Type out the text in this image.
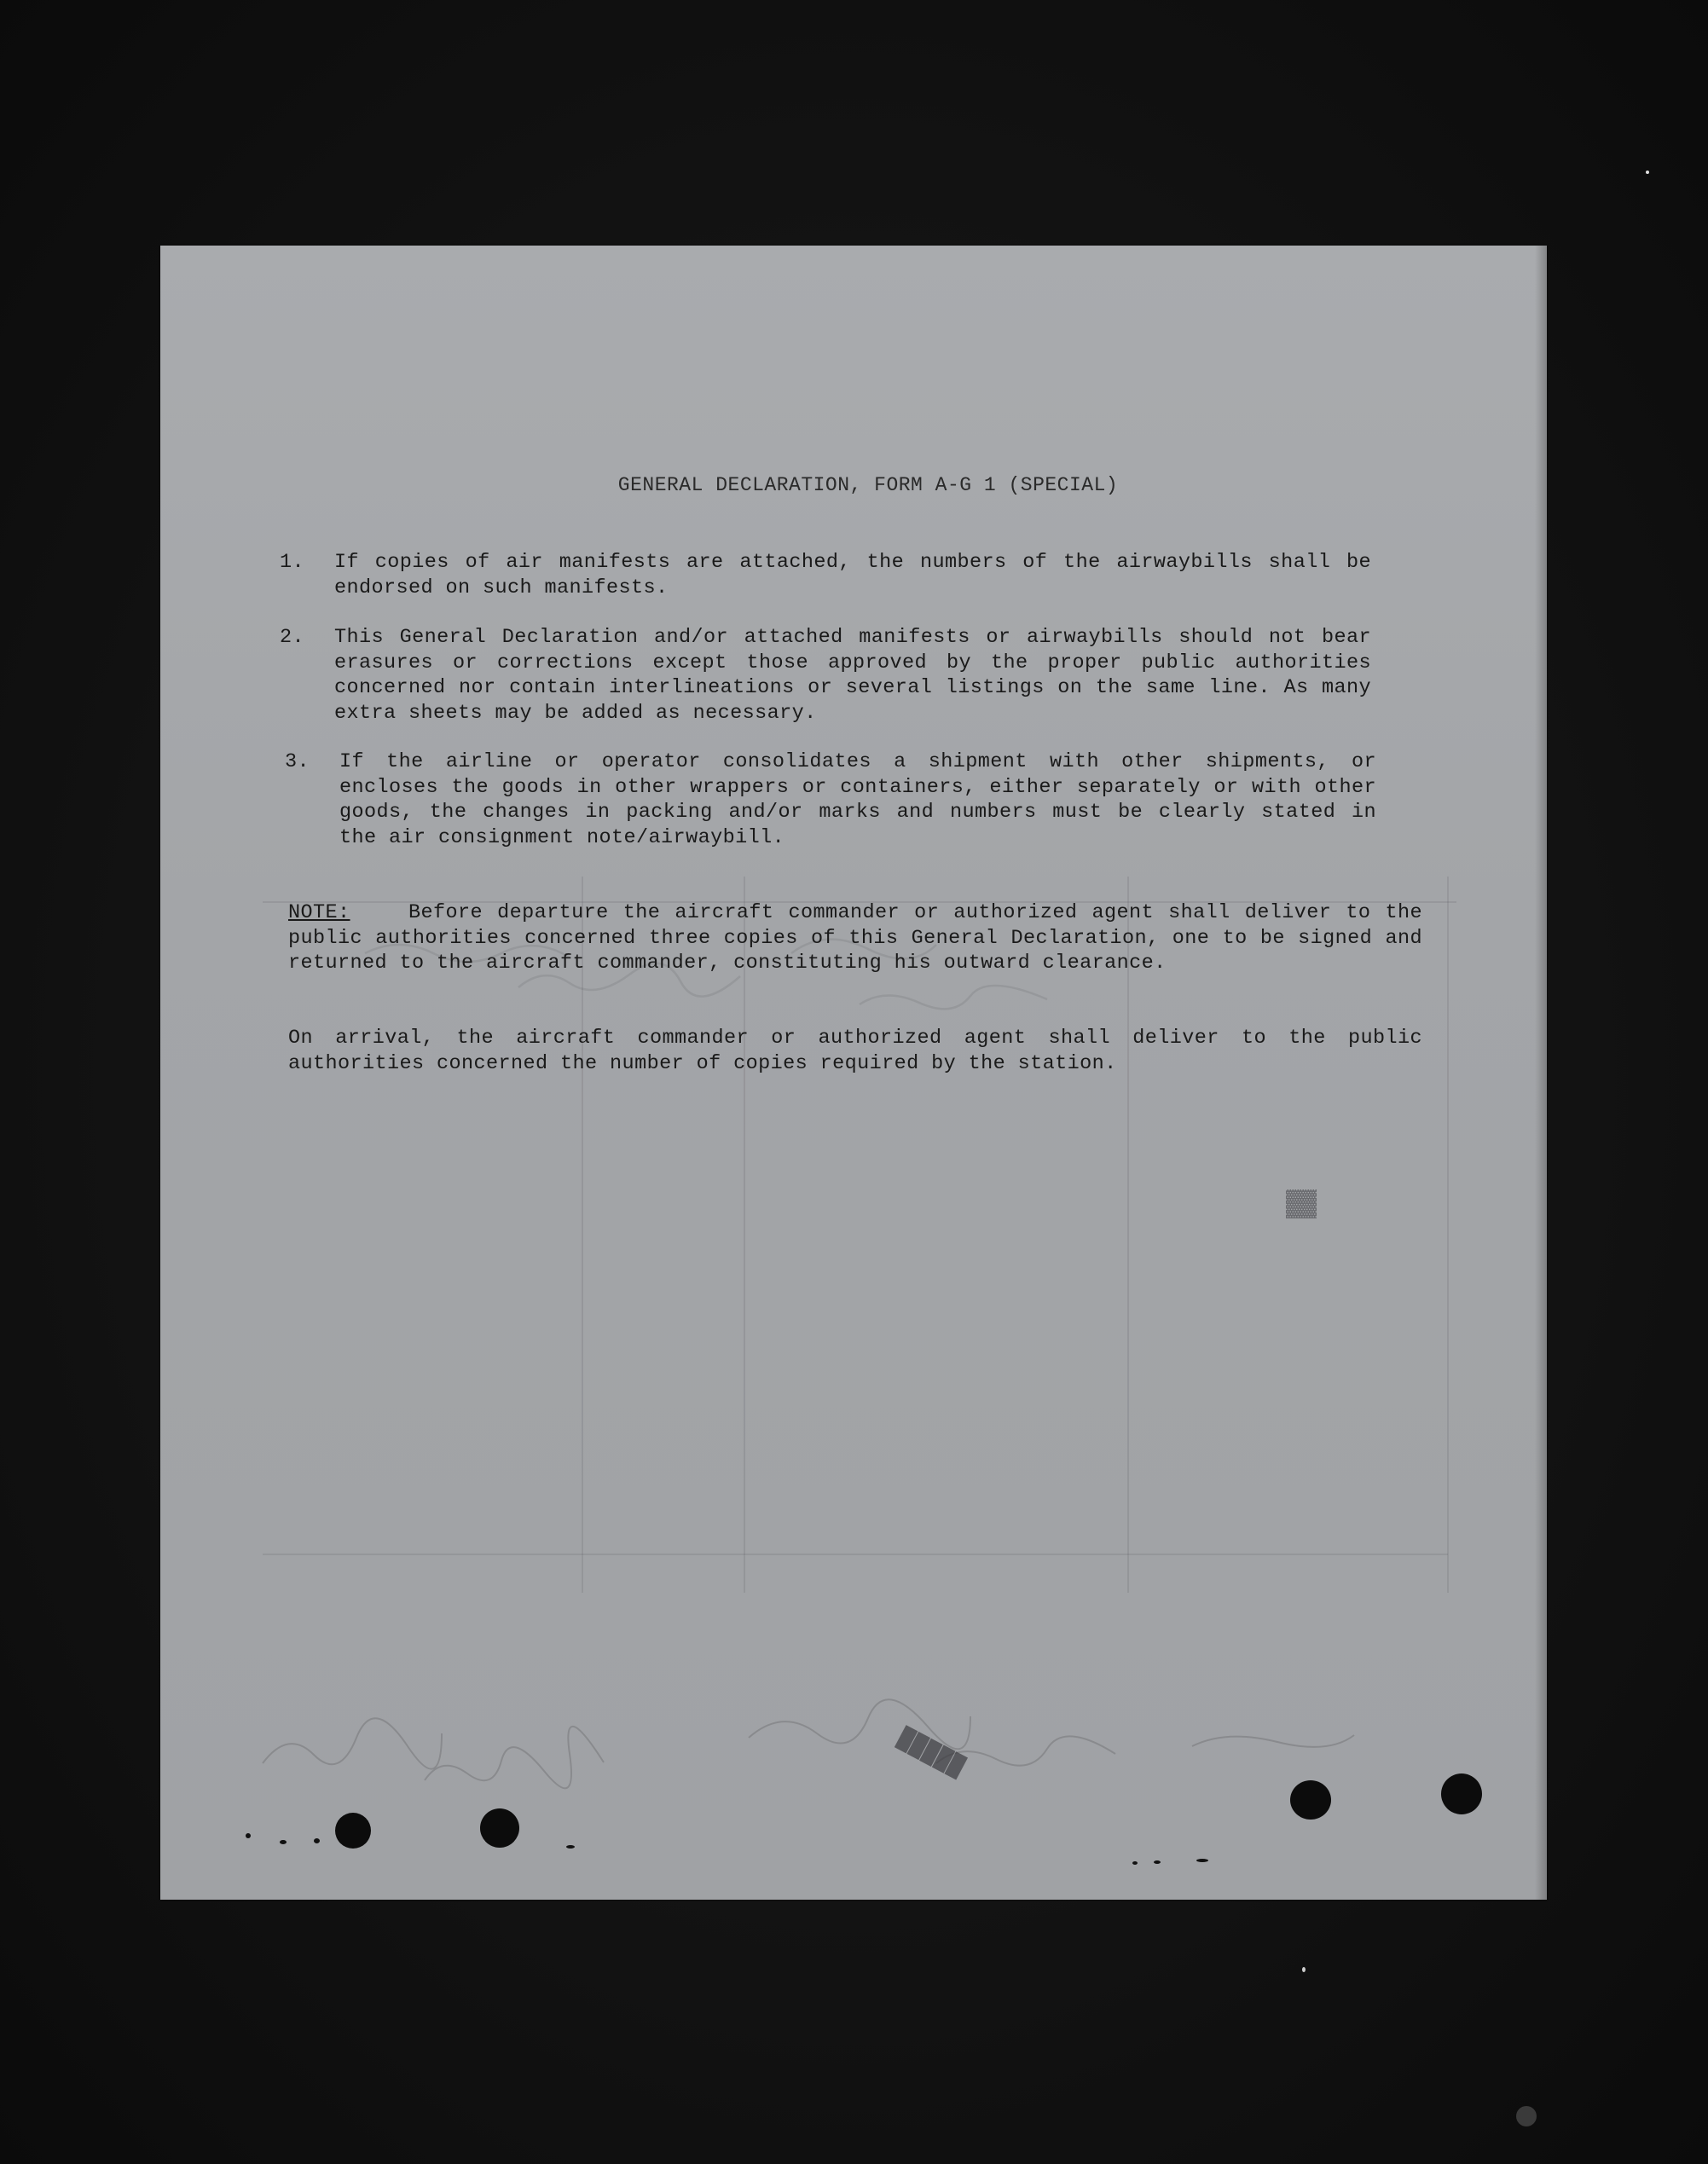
GENERAL DECLARATION, FORM A-G 1 (SPECIAL)
1. If copies of air manifests are attached, the numbers of the airwaybills shall be endorsed on such manifests.
2. This General Declaration and/or attached manifests or airwaybills should not bear erasures or corrections except those approved by the proper public authorities concerned nor contain interlineations or several listings on the same line. As many extra sheets may be added as necessary.
3. If the airline or operator consolidates a shipment with other shipments, or encloses the goods in other wrappers or containers, either separately or with other goods, the changes in packing and/or marks and numbers must be clearly stated in the air consignment note/airwaybill.
NOTE:	Before departure the aircraft commander or authorized agent shall deliver to the public authorities concerned three copies of this General Declaration, one to be signed and returned to the aircraft commander, constituting his outward clearance.
On arrival, the aircraft commander or authorized agent shall deliver to the public authorities concerned the number of copies required by the station.
▓▓
█████
